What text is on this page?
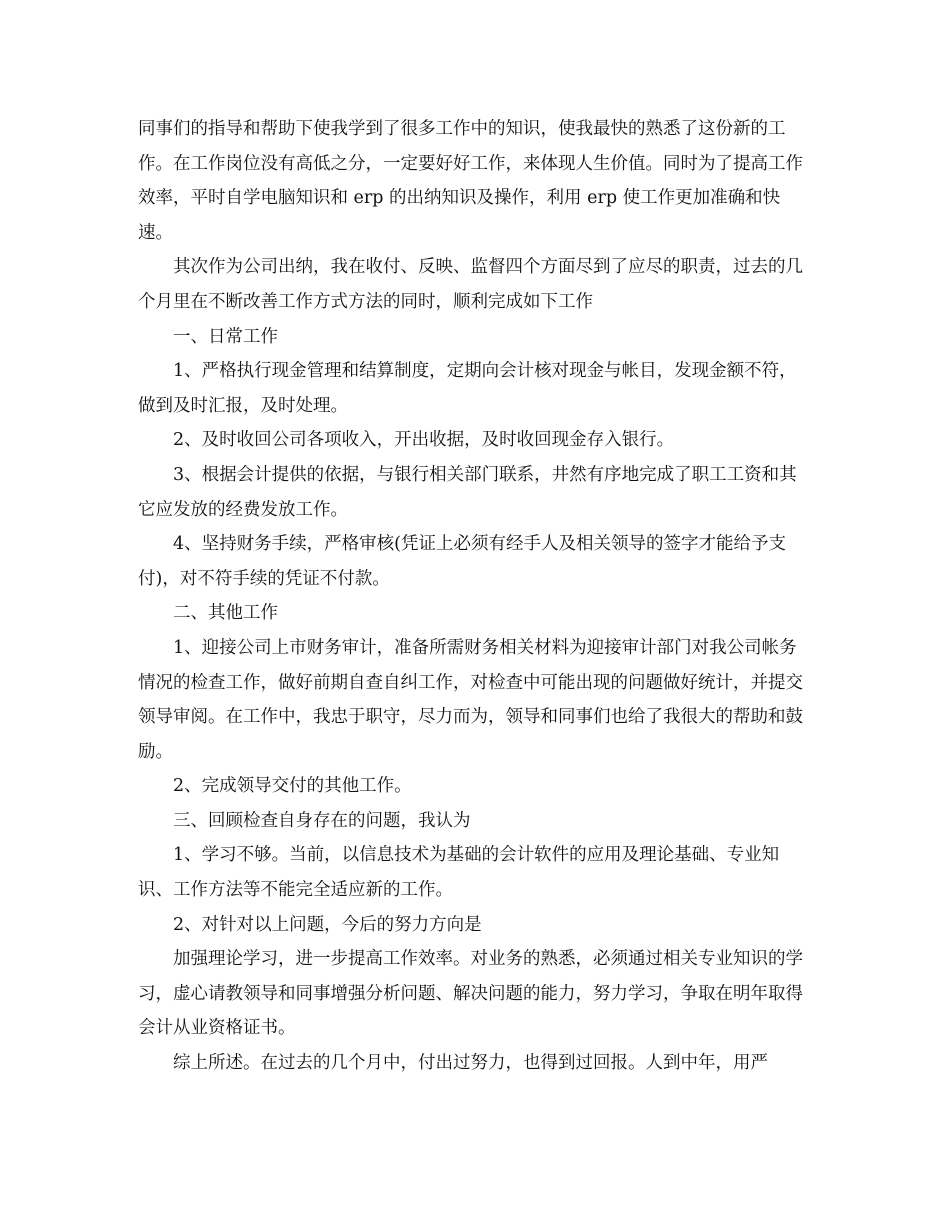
同事们的指导和帮助下使我学到了很多工作中的知识，使我最快的熟悉了这份新的工作。在工作岗位没有高低之分，一定要好好工作，来体现人生价值。同时为了提高工作效率，平时自学电脑知识和 erp 的出纳知识及操作，利用 erp 使工作更加准确和快速。

其次作为公司出纳，我在收付、反映、监督四个方面尽到了应尽的职责，过去的几个月里在不断改善工作方式方法的同时，顺利完成如下工作

一、日常工作

1、严格执行现金管理和结算制度，定期向会计核对现金与帐目，发现金额不符，做到及时汇报，及时处理。

2、及时收回公司各项收入，开出收据，及时收回现金存入银行。

3、根据会计提供的依据，与银行相关部门联系，井然有序地完成了职工工资和其它应发放的经费发放工作。

4、坚持财务手续，严格审核(凭证上必须有经手人及相关领导的签字才能给予支付)，对不符手续的凭证不付款。

二、其他工作

1、迎接公司上市财务审计，准备所需财务相关材料为迎接审计部门对我公司帐务情况的检查工作，做好前期自查自纠工作，对检查中可能出现的问题做好统计，并提交领导审阅。在工作中，我忠于职守，尽力而为，领导和同事们也给了我很大的帮助和鼓励。

2、完成领导交付的其他工作。

三、回顾检查自身存在的问题，我认为

1、学习不够。当前，以信息技术为基础的会计软件的应用及理论基础、专业知识、工作方法等不能完全适应新的工作。

2、对针对以上问题，今后的努力方向是

加强理论学习，进一步提高工作效率。对业务的熟悉，必须通过相关专业知识的学习，虚心请教领导和同事增强分析问题、解决问题的能力，努力学习，争取在明年取得会计从业资格证书。

综上所述。在过去的几个月中，付出过努力，也得到过回报。人到中年，用严
